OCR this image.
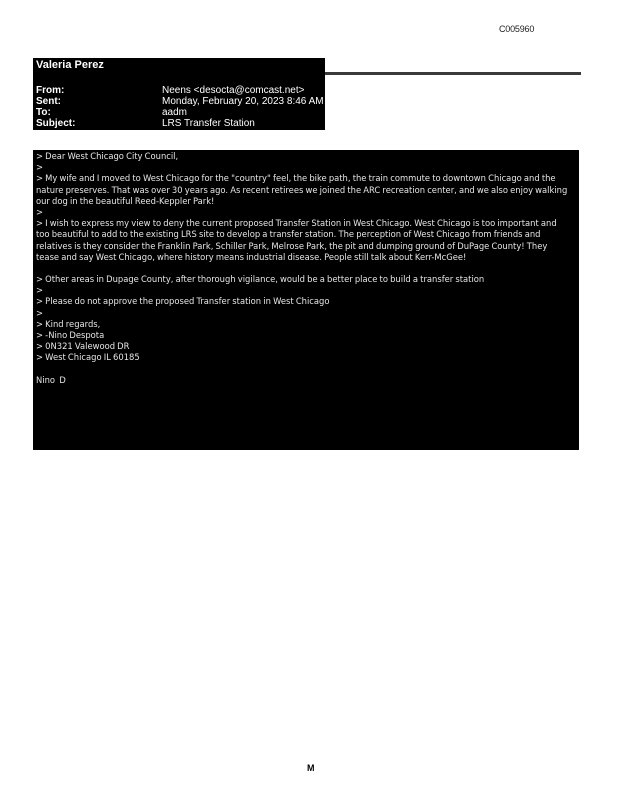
C005960
Valeria Perez
From:	Neens <desocta@comcast.net>
Sent:	Monday, February 20, 2023 8:46 AM
To:	aadm
Subject:	LRS Transfer Station

> Dear West Chicago City Council,

>

> My wife and I moved to West Chicago for the "country" feel, the bike path, the train commute to downtown Chicago and the nature preserves. That was over 30 years ago. As recent retirees we joined the ARC recreation center, and we also enjoy walking our dog in the beautiful Reed-Keppler Park!

>

> I wish to express my view to deny the current proposed Transfer Station in West Chicago. West Chicago is too important and too beautiful to add to the existing LRS site to develop a transfer station. The perception of West Chicago from friends and relatives is they consider the Franklin Park, Schiller Park, Melrose Park, the pit and dumping ground of DuPage County! They tease and say West Chicago, where history means industrial disease. People still talk about Kerr-McGee!

> Other areas in Dupage County, after thorough vigilance, would be a better place to build a transfer station

>

> Please do not approve the proposed Transfer station in West Chicago

>

> Kind regards,

> -Nino Despota

> 0N321 Valewood DR

> West Chicago IL 60185

Nino  D

M
